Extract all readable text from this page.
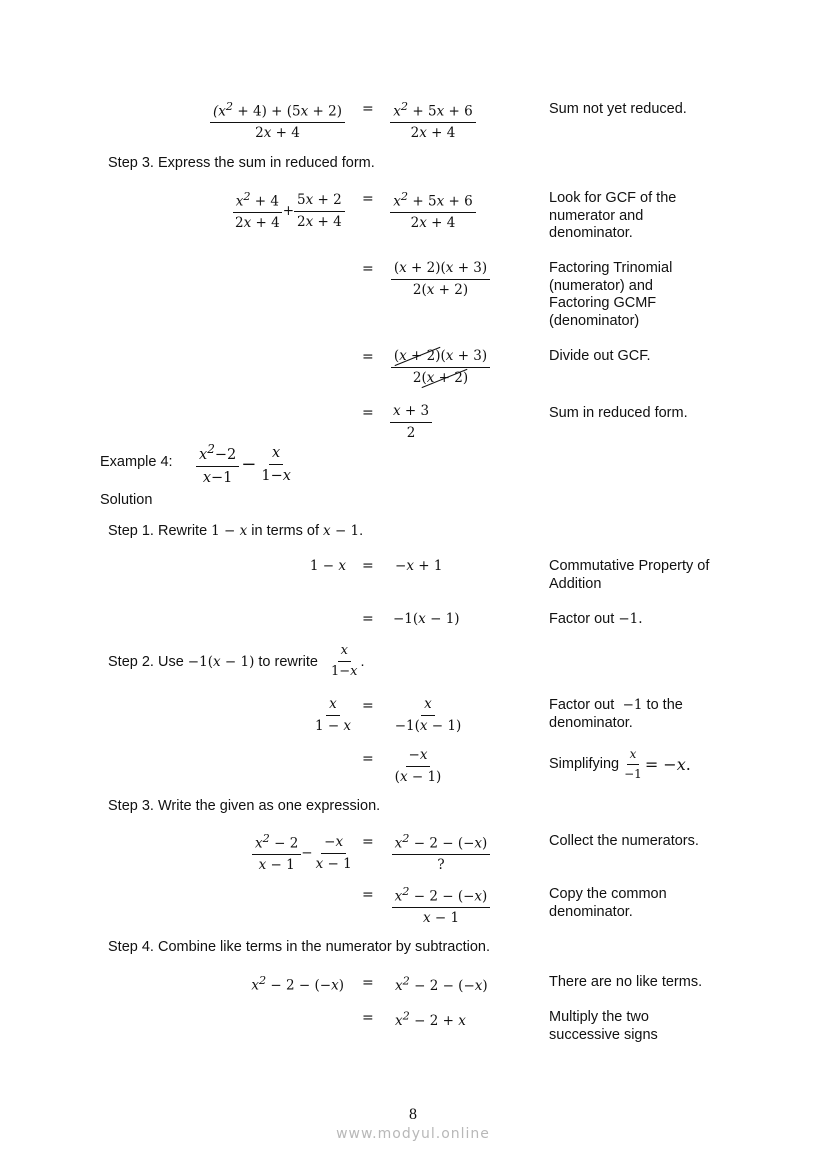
$\frac{(x^2 + 4) + (5x + 2)}{2x + 4} = \frac{x^2 + 5x + 6}{2x + 4}$	Sum not yet reduced.
Step 3. Express the sum in reduced form.
$\frac{x^2 + 4}{2x + 4} + \frac{5x + 2}{2x + 4} = \frac{x^2 + 5x + 6}{2x + 4}$	Look for GCF of the
numerator and
denominator.
= $\frac{(x + 2)(x + 3)}{2(x + 2)}$	Factoring Trinomial
(numerator) and
Factoring GCMF
(denominator)
= $\frac{(x + 2)(x + 3)}{2(x + 2)}$	Divide out GCF.
= $\frac{x + 3}{2}$	Sum in reduced form.
Example 4: $\frac{x^2-2}{x-1} - \frac{x}{1-x}$
Solution
Step 1. Rewrite 1 − x in terms of x − 1.
1 − x = −x + 1	Commutative Property of
Addition
= −1(x − 1)	Factor out −1.
Step 2. Use −1(x − 1) to rewrite $\frac{x}{1-x}$ .
$\frac{x}{1 - x} = \frac{x}{-1(x - 1)}$	Factor out  −1 to the
denominator.
= $\frac{-x}{(x - 1)}$	Simplifying $\frac{x}{-1} = -x$.
Step 3. Write the given as one expression.
$\frac{x^2 - 2}{x - 1} - \frac{-x}{x - 1} = \frac{x^2 - 2 - (-x)}{?}$	Collect the numerators.
= $\frac{x^2 - 2 - (-x)}{x - 1}$	Copy the common
denominator.
Step 4. Combine like terms in the numerator by subtraction.
$x^2 - 2 - (-x) = x^2 - 2 - (-x)$	There are no like terms.
= $x^2 - 2 + x$	Multiply the two
successive signs
8
www.modyul.online
